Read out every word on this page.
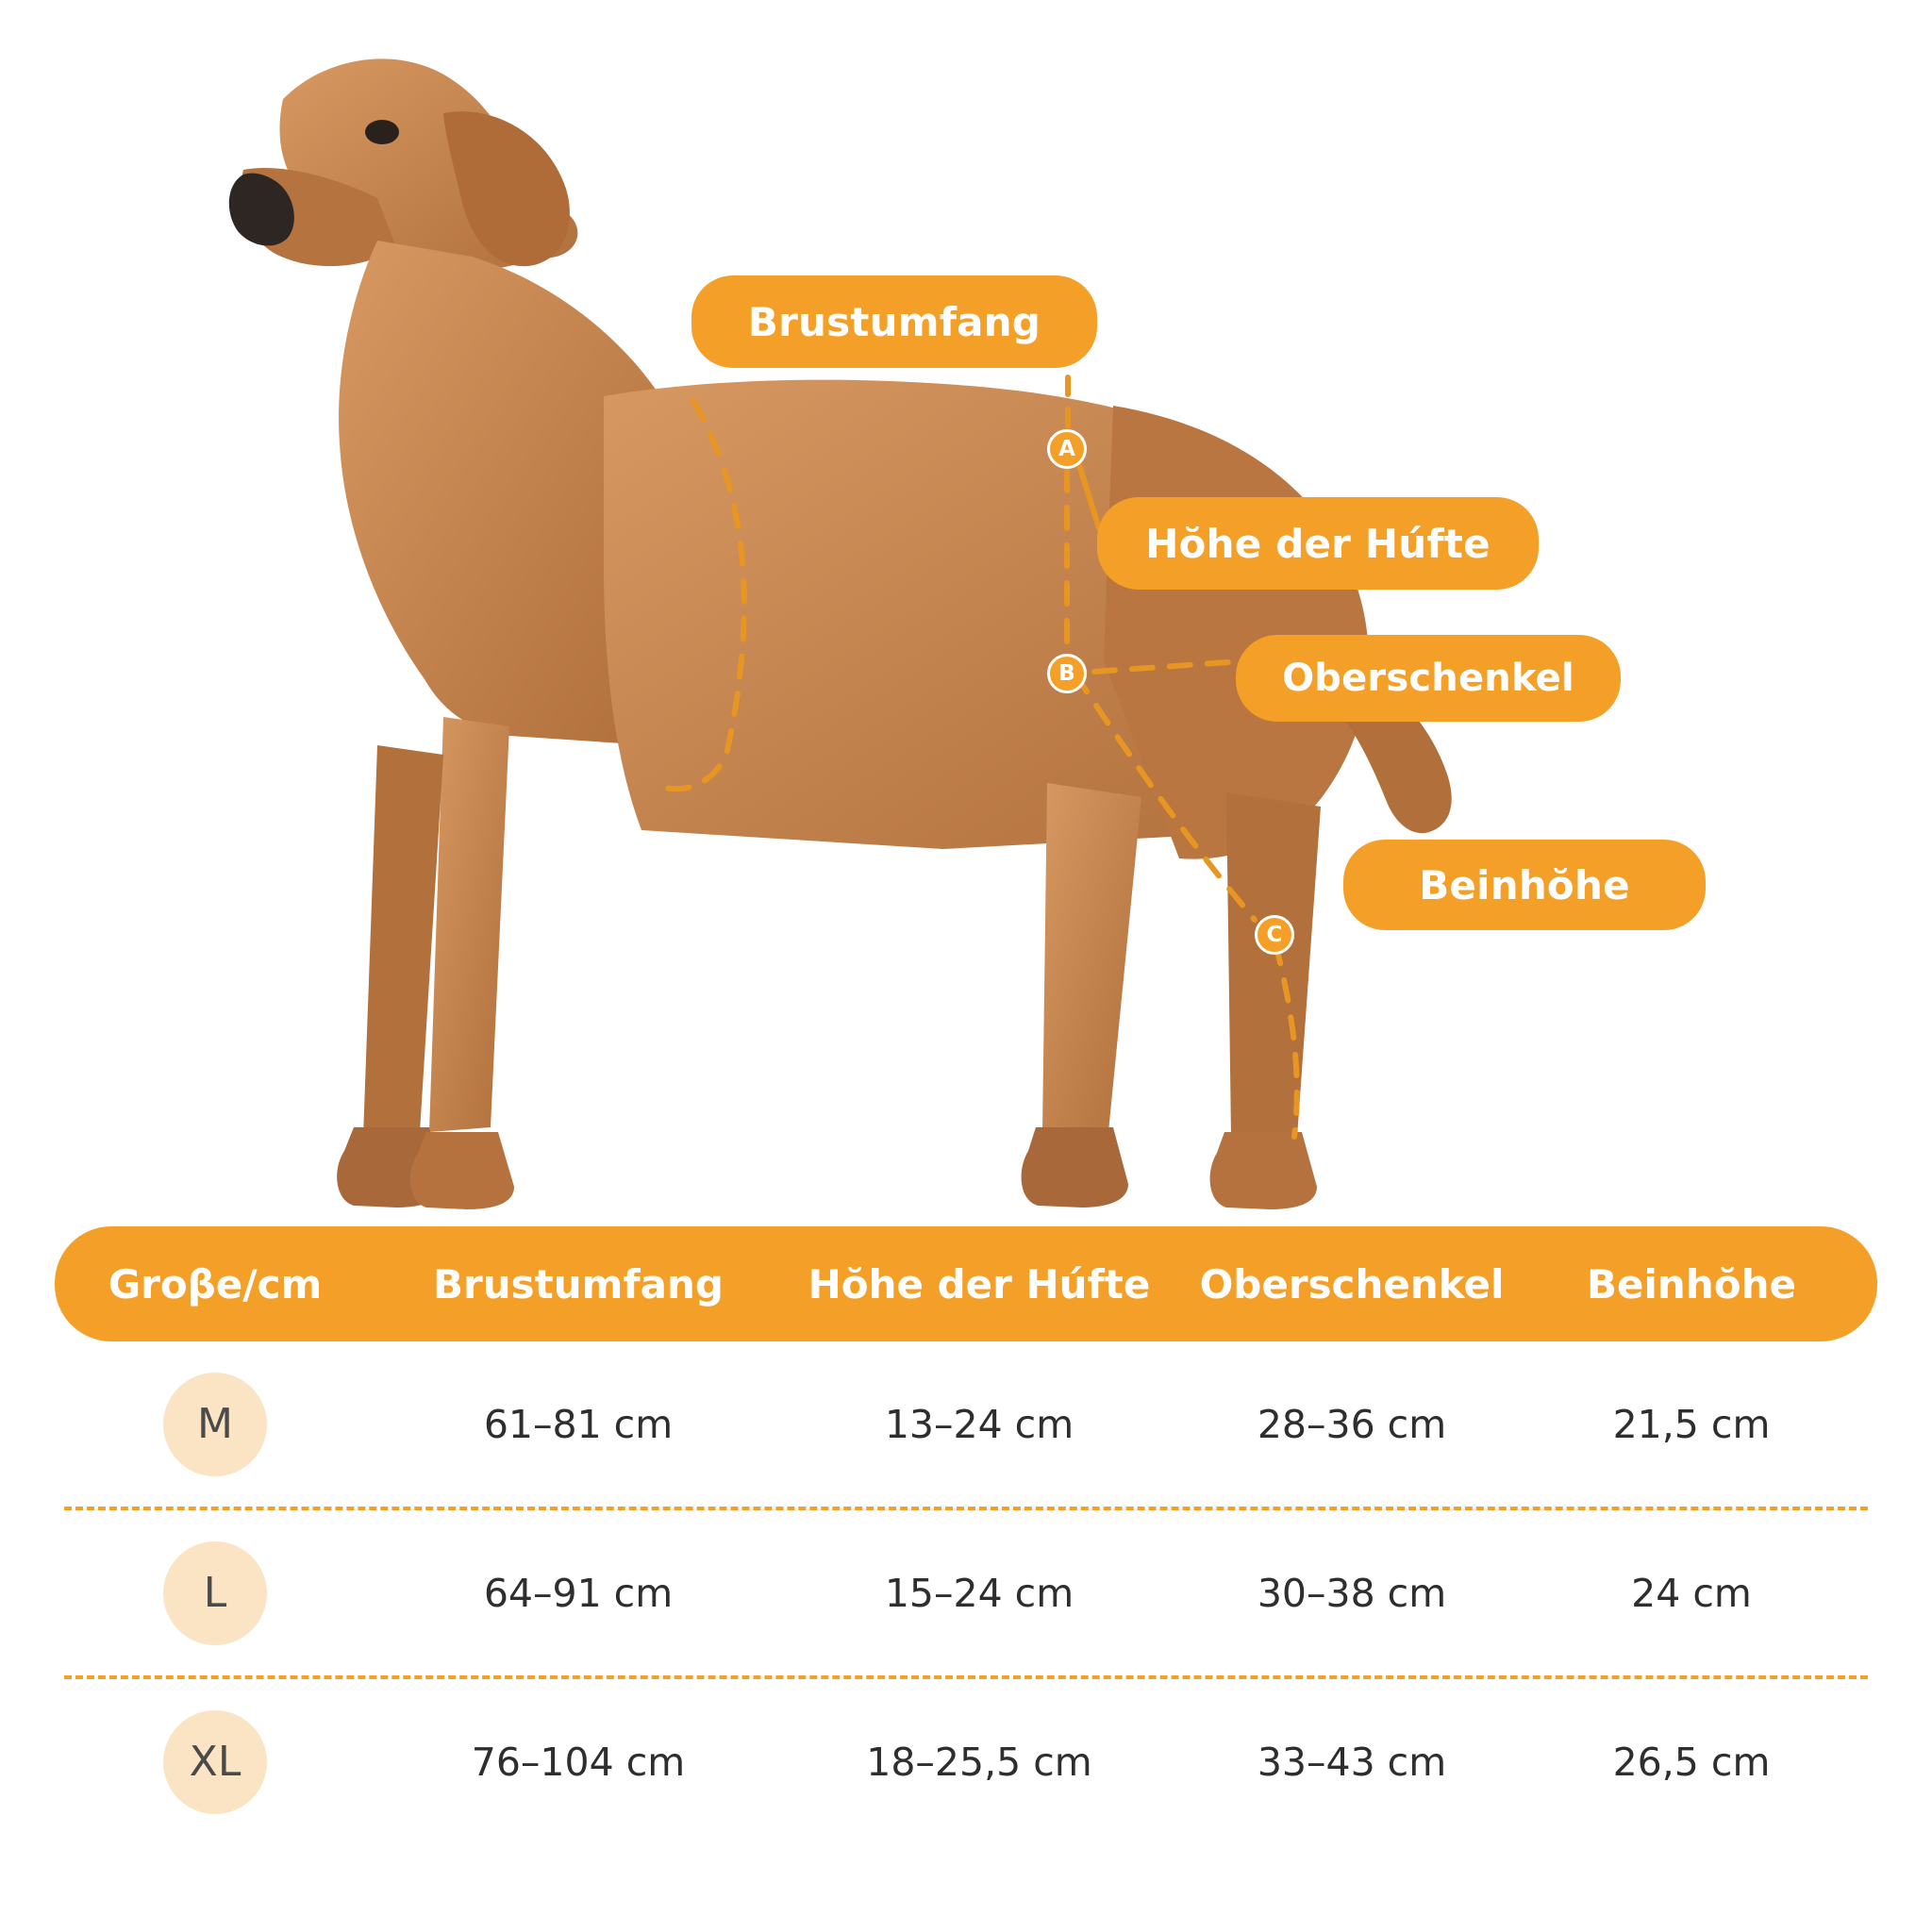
Brustumfang
Hŏhe der Húfte
Oberschenkel
Beinhŏhe
A
B
C
Groβe/cm	Brustumfang	Hŏhe der Húfte	Oberschenkel	Beinhŏhe
M	61–81 cm	13–24 cm	28–36 cm	21,5 cm
L	64–91 cm	15–24 cm	30–38 cm	24 cm
XL	76–104 cm	18–25,5 cm	33–43 cm	26,5 cm
